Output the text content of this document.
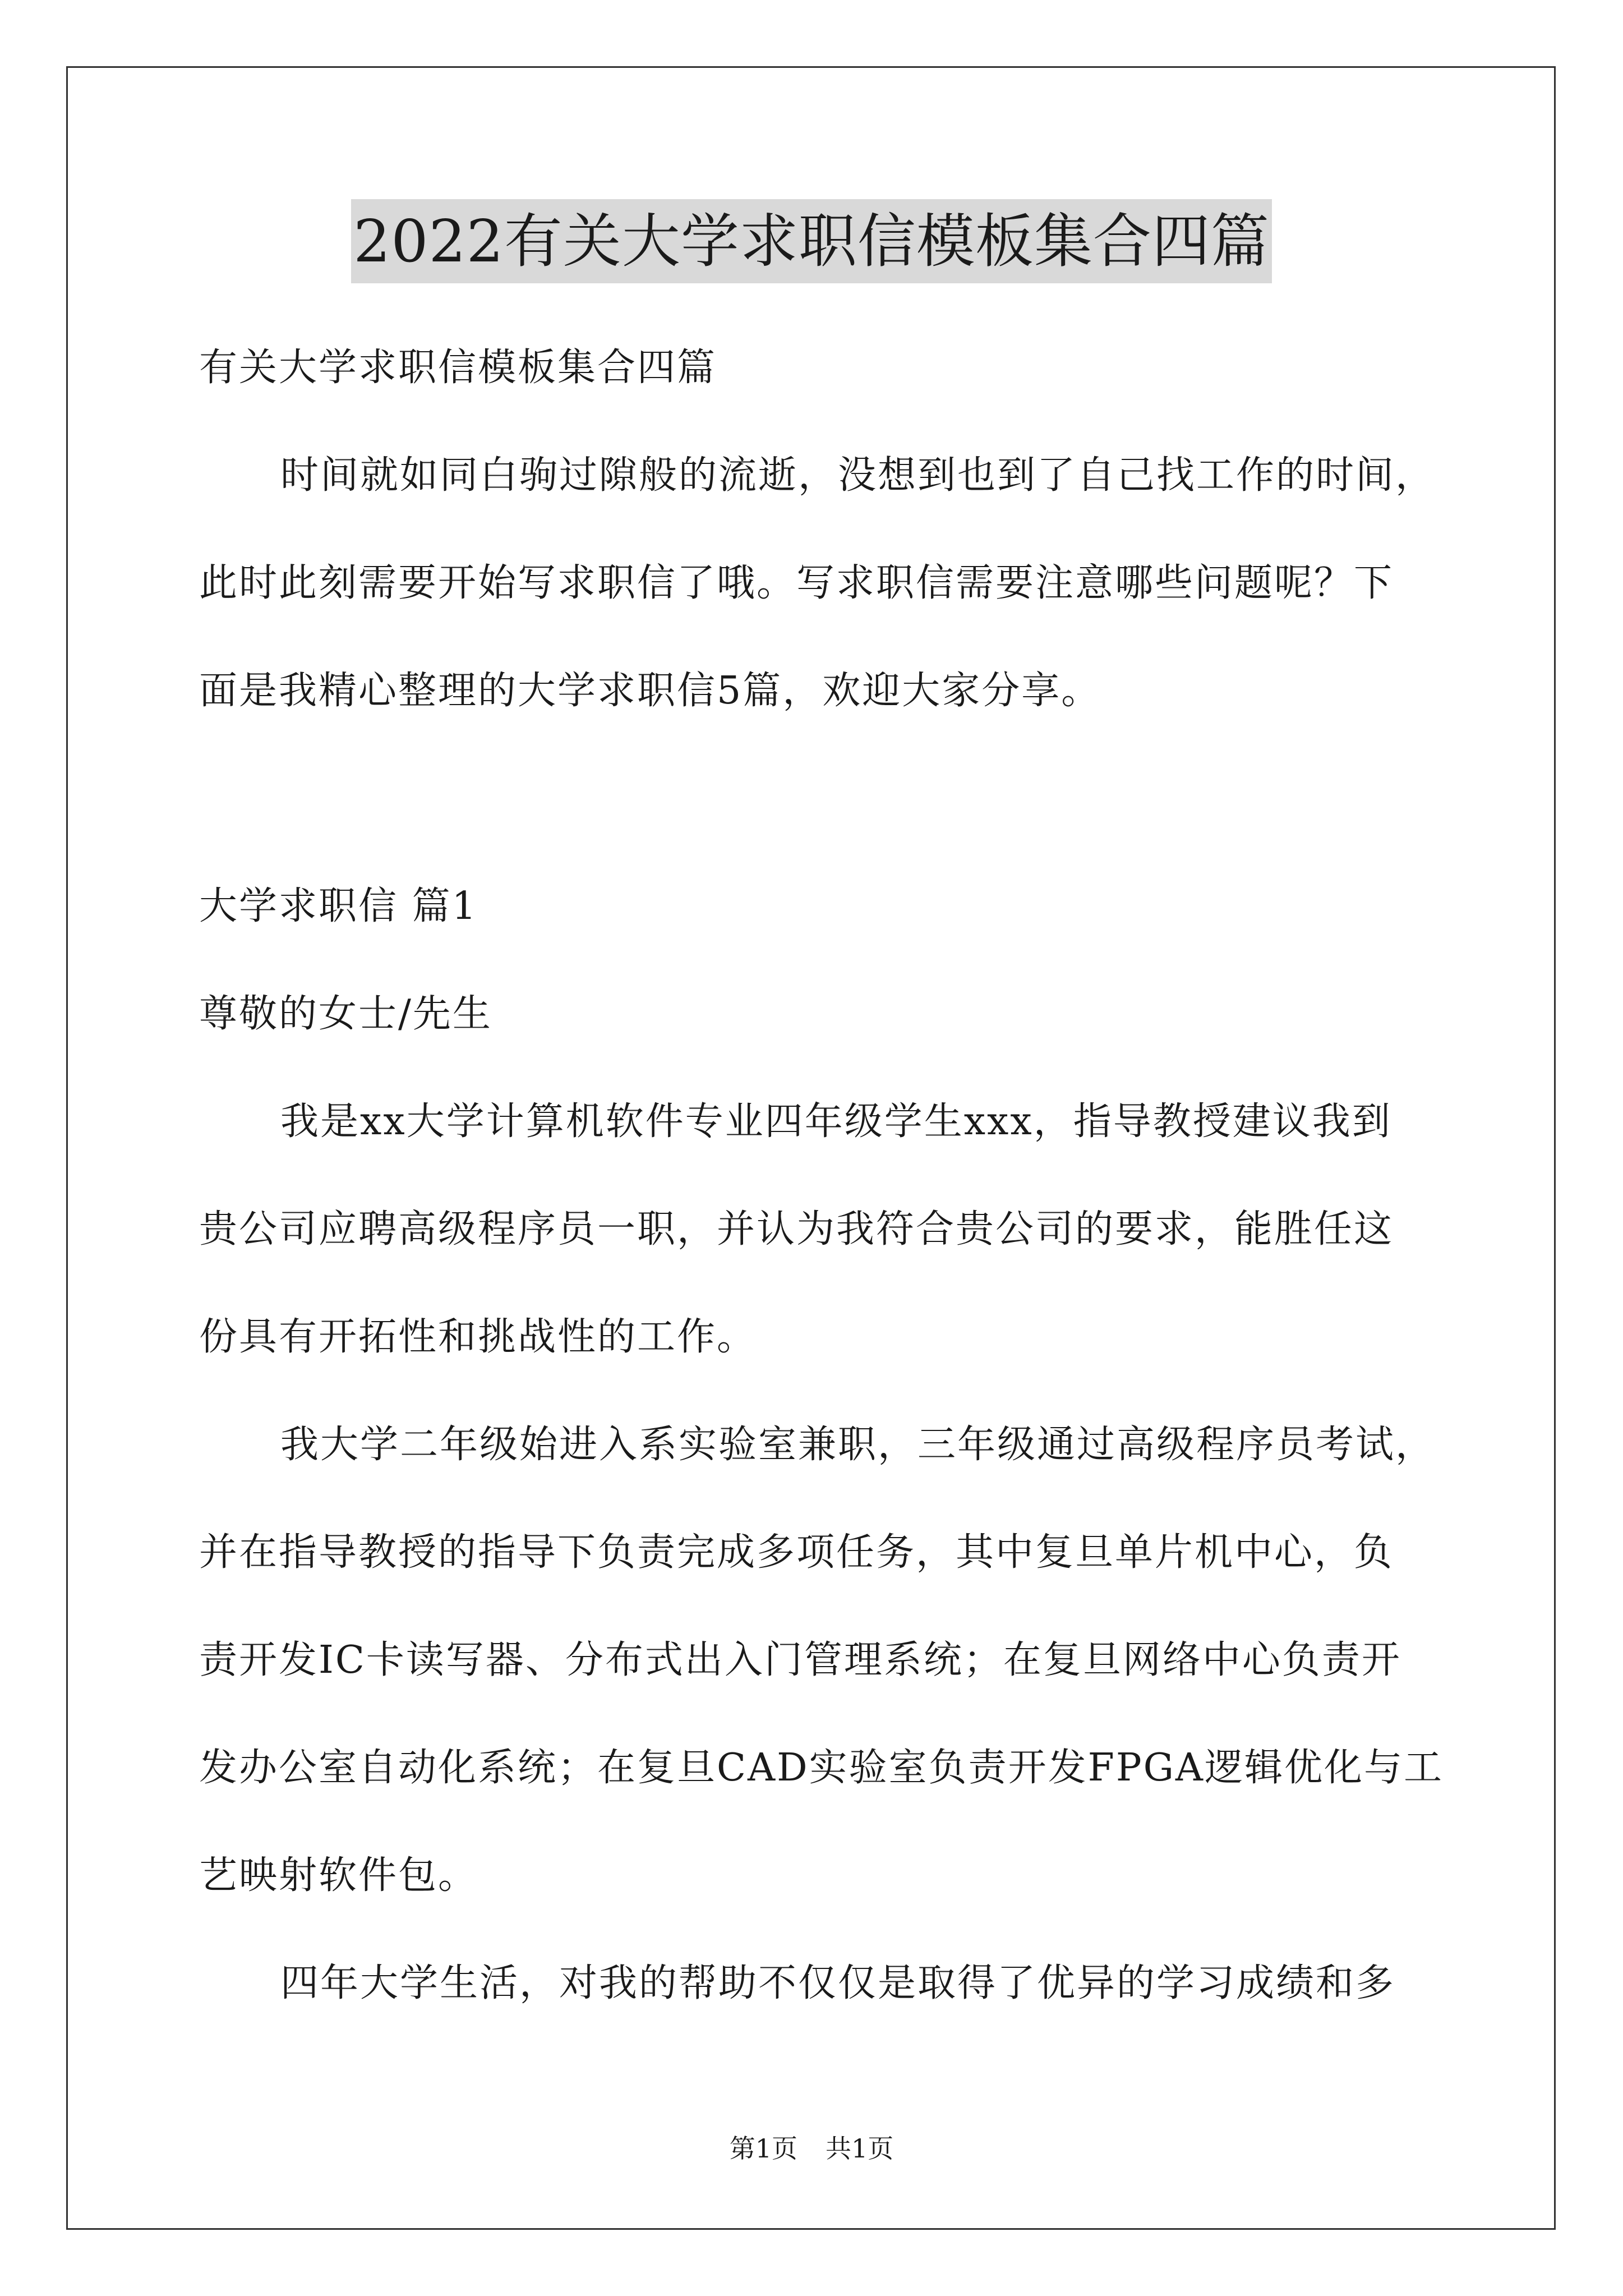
2022有关大学求职信模板集合四篇
有关大学求职信模板集合四篇
时间就如同白驹过隙般的流逝，没想到也到了自己找工作的时间，
此时此刻需要开始写求职信了哦。写求职信需要注意哪些问题呢？下
面是我精心整理的大学求职信5篇，欢迎大家分享。
大学求职信 篇1
尊敬的女士/先生
我是xx大学计算机软件专业四年级学生xxx，指导教授建议我到
贵公司应聘高级程序员一职，并认为我符合贵公司的要求，能胜任这
份具有开拓性和挑战性的工作。
我大学二年级始进入系实验室兼职，三年级通过高级程序员考试，
并在指导教授的指导下负责完成多项任务，其中复旦单片机中心，负
责开发IC卡读写器、分布式出入门管理系统；在复旦网络中心负责开
发办公室自动化系统；在复旦CAD实验室负责开发FPGA逻辑优化与工
艺映射软件包。
四年大学生活，对我的帮助不仅仅是取得了优异的学习成绩和多
第1页 共1页
